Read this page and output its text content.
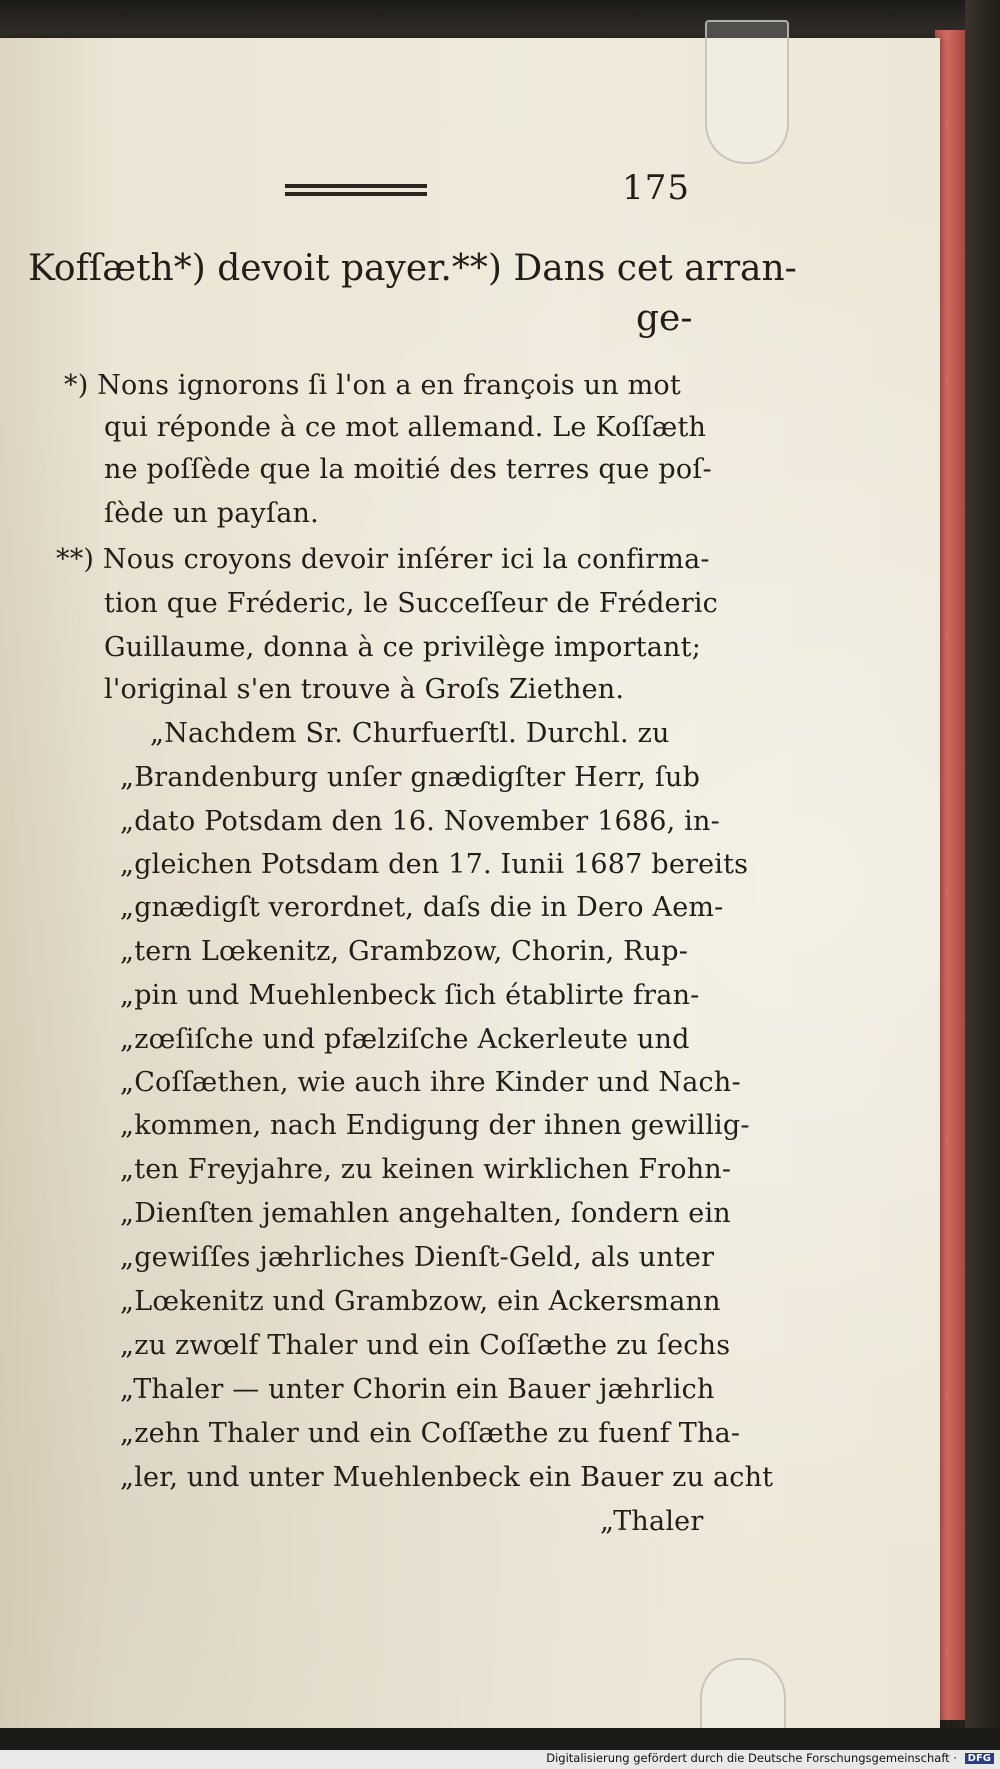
175

Kofſæth*) devoit payer.**) Dans cet arran-

ge-

*) Nons ignorons ſi l'on a en françois un mot

qui réponde à ce mot allemand. Le Koſſæth

ne poſſède que la moitié des terres que poſ-

ſède un payſan.

**) Nous croyons devoir inſérer ici la confirma-

tion que Fréderic, le Succeſſeur de Fréderic

Guillaume, donna à ce privilège important;

l'original s'en trouve à Groſs Ziethen.

„Nachdem Sr. Churfuerſtl. Durchl. zu

„Brandenburg unſer gnædigſter Herr, ſub

„dato Potsdam den 16. November 1686, in-

„gleichen Potsdam den 17. Iunii 1687 bereits

„gnædigſt verordnet, daſs die in Dero Aem-

„tern Lœkenitz, Grambzow, Chorin, Rup-

„pin und Muehlenbeck ſich établirte fran-

„zœſiſche und pfælziſche Ackerleute und

„Coſſæthen, wie auch ihre Kinder und Nach-

„kommen, nach Endigung der ihnen gewillig-

„ten Freyjahre, zu keinen wirklichen Frohn-

„Dienſten jemahlen angehalten, ſondern ein

„gewiſſes jæhrliches Dienſt-Geld, als unter

„Lœkenitz und Grambzow, ein Ackersmann

„zu zwœlf Thaler und ein Coſſæthe zu ſechs

„Thaler — unter Chorin ein Bauer jæhrlich

„zehn Thaler und ein Coſſæthe zu fuenf Tha-

„ler, und unter Muehlenbeck ein Bauer zu acht

„Thaler

Digitalisierung gefördert durch die Deutsche Forschungsgemeinschaft · DFG
